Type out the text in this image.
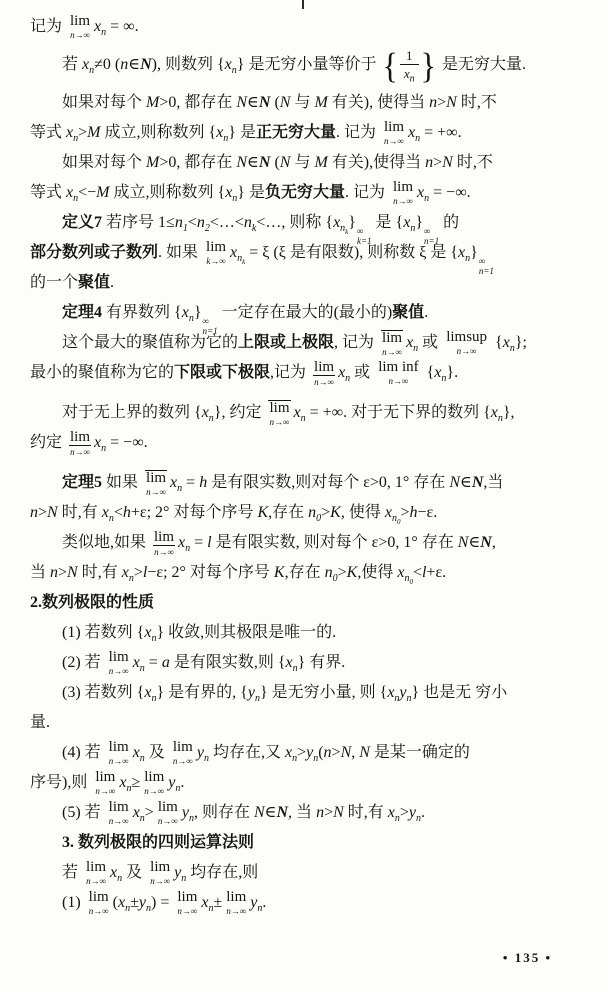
记为 lim
n→∞
$x_n$ = ∞.
若 $x_n\ne 0$ (n∈N), 则数列 $\{x_n\}$ 是无穷小量等价于 { $\frac{1}{x_n}$ } 是无穷大量.
如果对每个 M>0, 都存在 N∈N (N 与 M 有关), 使得当 n>N 时,不
等式 $x_n>M$ 成立,则称数列 $\{x_n\}$ 是正无穷大量. 记为 lim
n→∞
$x_n$ = +∞.
如果对每个 M>0, 都存在 N∈N (N 与 M 有关),使得当 n>N 时,不
等式 $x_n<-M$ 成立,则称数列 $\{x_n\}$ 是负无穷大量. 记为 lim
n→∞
$x_n$ = −∞.
定义7 若序号 $1\le n_1<n_2<\dots<n_k<\dots$, 则称 $\{x_{n_k}\}$ ∞
k=1
是 $\{x_n\}$ ∞
n=1
的
部分数列或子数列. 如果 lim
k→∞
$x_{n_k} = \xi$ (ξ 是有限数), 则称数 ξ 是 $\{x_n\}$ ∞
n=1
的一个聚值.
定理4 有界数列 $\{x_n\}$ ∞
n=1
一定存在最大的(最小的)聚值.
这个最大的聚值称为它的上限或上极限, 记为 lim
n→∞
$x_n$ 或 limsup
n→∞
$\{x_n\}$;
最小的聚值称为它的下限或下极限,记为 lim
n→∞
$x_n$ 或 lim inf
n→∞
$\{x_n\}$.
对于无上界的数列 $\{x_n\}$, 约定 lim
n→∞
$x_n$ = +∞. 对于无下界的数列 $\{x_n\}$,
约定 lim
n→∞
$x_n$ = −∞.
定理5 如果 lim
n→∞
$x_n = h$ 是有限实数,则对每个 ε>0, 1° 存在 N∈N,当
n>N 时,有 $x_n<h+\varepsilon$; 2° 对每个序号 K,存在 $n_0>K$, 使得 $x_{n_0}>h-\varepsilon$.
类似地,如果 lim
n→∞
$x_n = l$ 是有限实数, 则对每个 ε>0, 1° 存在 N∈N,
当 n>N 时,有 $x_n>l-\varepsilon$; 2° 对每个序号 K,存在 $n_0>K$,使得 $x_{n_0}<l+\varepsilon$.
2.数列极限的性质
(1) 若数列 $\{x_n\}$ 收敛,则其极限是唯一的.
(2) 若 lim
n→∞
$x_n = a$ 是有限实数,则 $\{x_n\}$ 有界.
(3) 若数列 $\{x_n\}$ 是有界的, $\{y_n\}$ 是无穷小量, 则 $\{x_ny_n\}$ 也是无 穷小
量.
(4) 若 lim
n→∞
$x_n$ 及 lim
n→∞
$y_n$ 均存在,又 $x_n>y_n(n>N$, N 是某一确定的
序号),则 lim
n→∞
$x_n\ge \lim$
n→∞
$y_n$.
(5) 若 lim
n→∞
$x_n> \lim$
n→∞
$y_n$, 则存在 N∈N, 当 n>N 时,有 $x_n>y_n$.
3. 数列极限的四则运算法则
若 lim
n→∞
$x_n$ 及 lim
n→∞
$y_n$ 均存在,则
(1) lim
n→∞
$(x_n\pm y_n) = \lim$
n→∞
$x_n\pm \lim$
n→∞
$y_n$.
• 135 •
